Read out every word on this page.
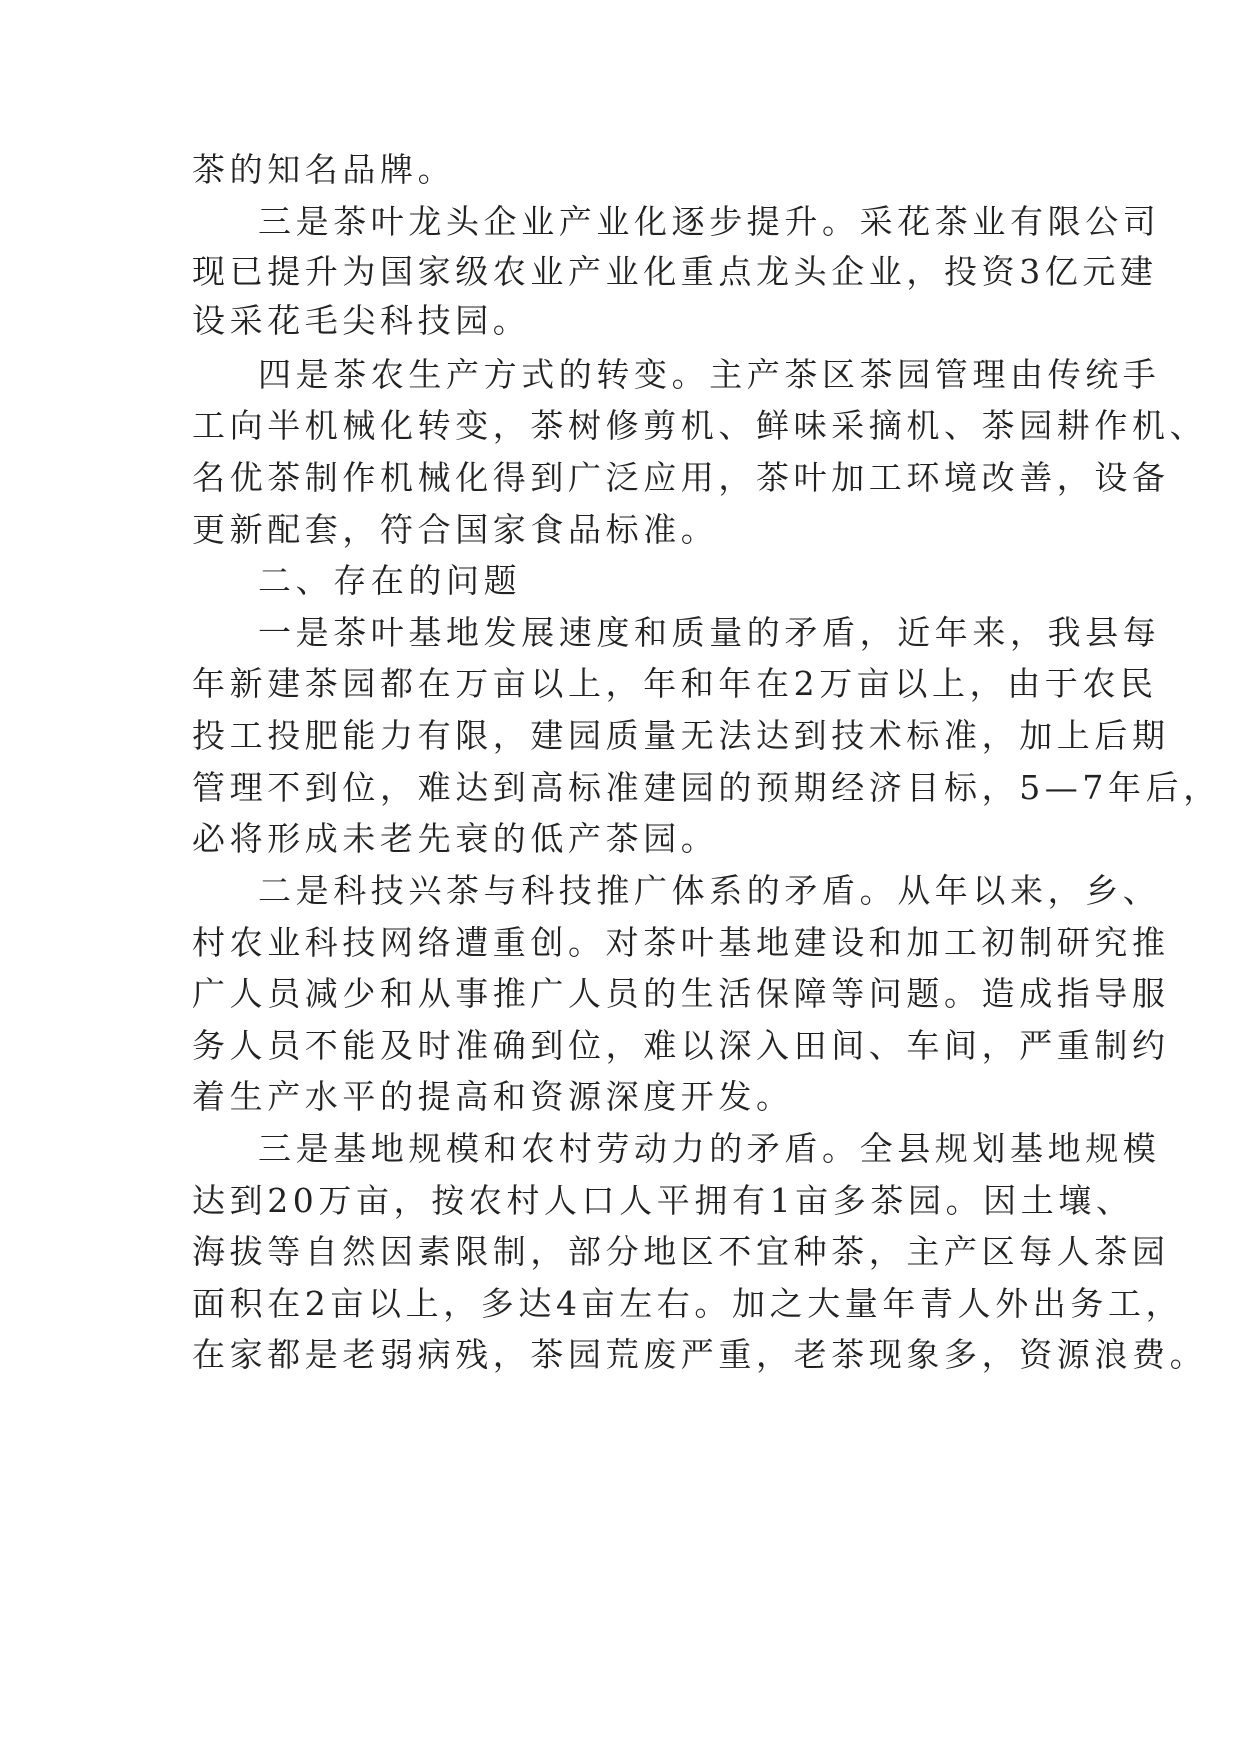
茶的知名品牌。
三是茶叶龙头企业产业化逐步提升。采花茶业有限公司
现已提升为国家级农业产业化重点龙头企业，投资3亿元建
设采花毛尖科技园。
四是茶农生产方式的转变。主产茶区茶园管理由传统手
工向半机械化转变，茶树修剪机、鲜味采摘机、茶园耕作机、
名优茶制作机械化得到广泛应用，茶叶加工环境改善，设备
更新配套，符合国家食品标准。
二、存在的问题
一是茶叶基地发展速度和质量的矛盾，近年来，我县每
年新建茶园都在万亩以上，年和年在2万亩以上，由于农民
投工投肥能力有限，建园质量无法达到技术标准，加上后期
管理不到位，难达到高标准建园的预期经济目标，5—7年后，
必将形成未老先衰的低产茶园。
二是科技兴茶与科技推广体系的矛盾。从年以来，乡、
村农业科技网络遭重创。对茶叶基地建设和加工初制研究推
广人员减少和从事推广人员的生活保障等问题。造成指导服
务人员不能及时准确到位，难以深入田间、车间，严重制约
着生产水平的提高和资源深度开发。
三是基地规模和农村劳动力的矛盾。全县规划基地规模
达到20万亩，按农村人口人平拥有1亩多茶园。因土壤、
海拔等自然因素限制，部分地区不宜种茶，主产区每人茶园
面积在2亩以上，多达4亩左右。加之大量年青人外出务工，
在家都是老弱病残，茶园荒废严重，老茶现象多，资源浪费。
